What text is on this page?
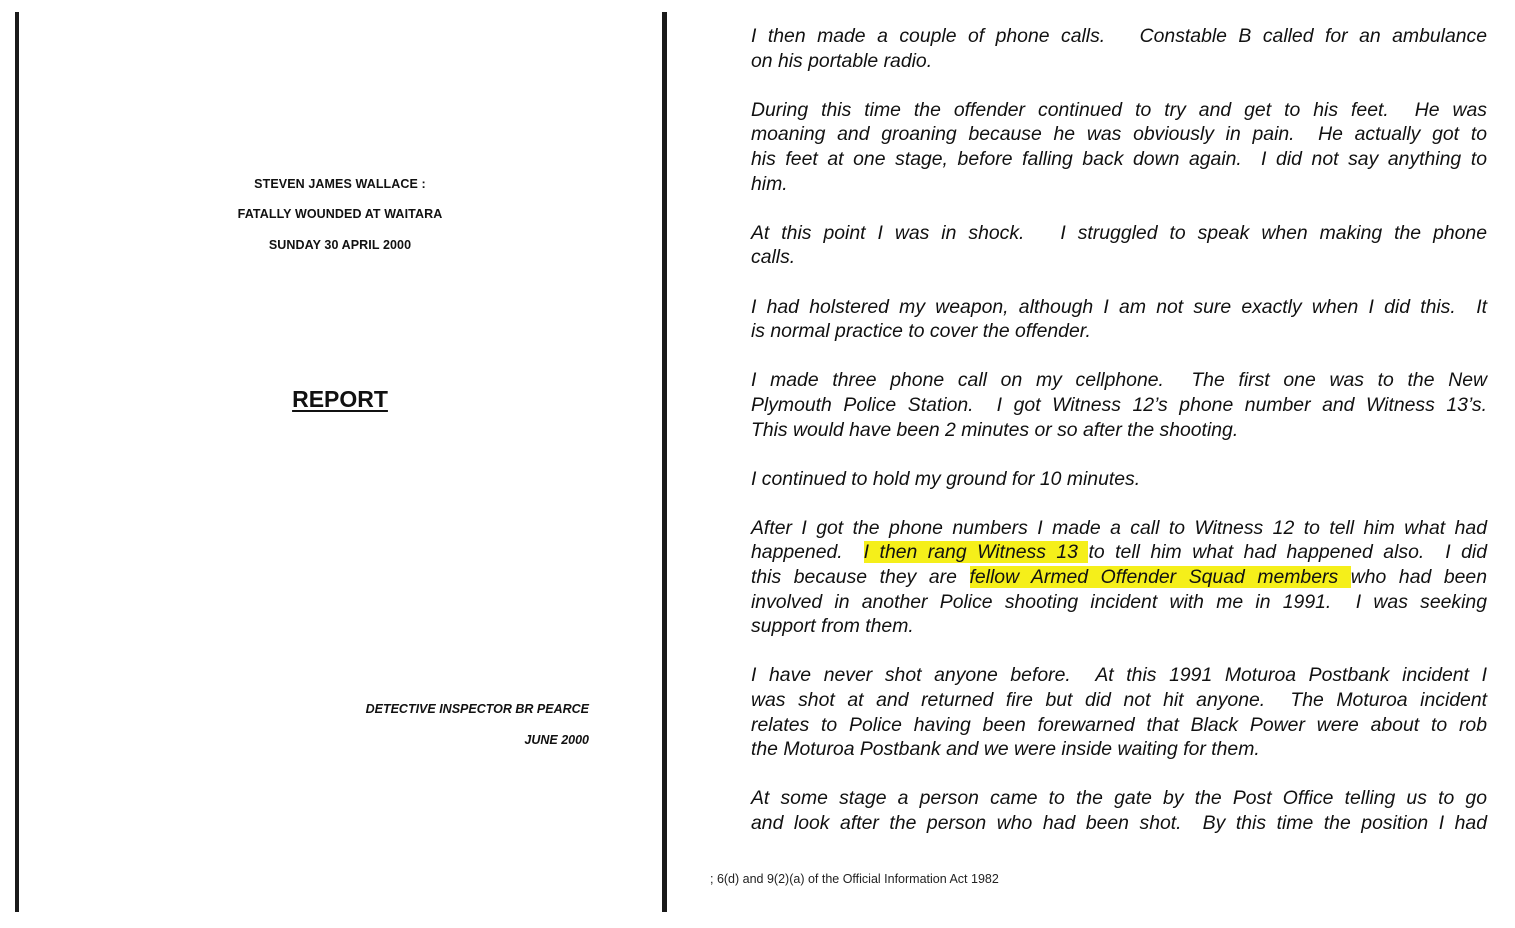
STEVEN JAMES WALLACE :
FATALLY WOUNDED AT WAITARA
SUNDAY 30 APRIL 2000
REPORT
DETECTIVE INSPECTOR BR PEARCE
JUNE 2000
I then made a couple of phone calls.   Constable B called for an ambulance
on his portable radio.
During this time the offender continued to try and get to his feet.  He was
moaning and groaning because he was obviously in pain.  He actually got to
his feet at one stage, before falling back down again.  I did not say anything to
him.
At this point I was in shock.   I struggled to speak when making the phone
calls.
I had holstered my weapon, although I am not sure exactly when I did this.  It
is normal practice to cover the offender.
I made three phone call on my cellphone.  The first one was to the New
Plymouth Police Station.  I got Witness 12’s phone number and Witness 13’s.
This would have been 2 minutes or so after the shooting.
I continued to hold my ground for 10 minutes.
After I got the phone numbers I made a call to Witness 12 to tell him what had
happened.  I then rang Witness 13 to tell him what had happened also.  I did
this because they are fellow Armed Offender Squad members who had been
involved in another Police shooting incident with me in 1991.  I was seeking
support from them.
I have never shot anyone before.  At this 1991 Moturoa Postbank incident I
was shot at and returned fire but did not hit anyone.  The Moturoa incident
relates to Police having been forewarned that Black Power were about to rob
the Moturoa Postbank and we were inside waiting for them.
At some stage a person came to the gate by the Post Office telling us to go
and look after the person who had been shot.  By this time the position I had
; 6(d) and 9(2)(a) of the Official Information Act 1982
